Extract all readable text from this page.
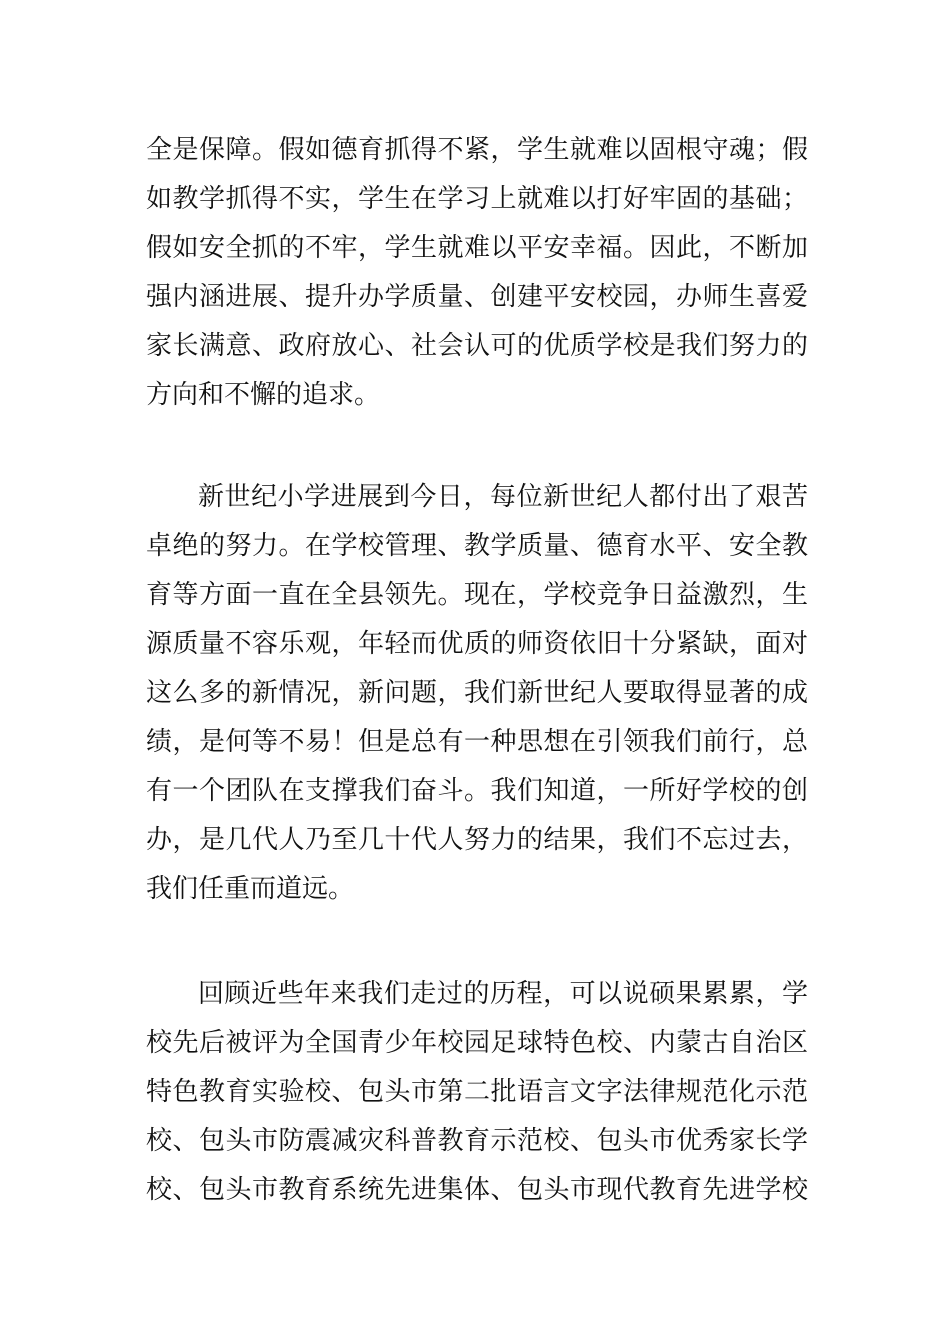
全是保障。假如德育抓得不紧，学生就难以固根守魂；假
如教学抓得不实，学生在学习上就难以打好牢固的基础；
假如安全抓的不牢，学生就难以平安幸福。因此，不断加
强内涵进展、提升办学质量、创建平安校园，办师生喜爱
家长满意、政府放心、社会认可的优质学校是我们努力的
方向和不懈的追求。

新世纪小学进展到今日，每位新世纪人都付出了艰苦
卓绝的努力。在学校管理、教学质量、德育水平、安全教
育等方面一直在全县领先。现在，学校竞争日益激烈，生
源质量不容乐观，年轻而优质的师资依旧十分紧缺，面对
这么多的新情况，新问题，我们新世纪人要取得显著的成
绩，是何等不易！但是总有一种思想在引领我们前行，总
有一个团队在支撑我们奋斗。我们知道，一所好学校的创
办，是几代人乃至几十代人努力的结果，我们不忘过去，
我们任重而道远。

回顾近些年来我们走过的历程，可以说硕果累累，学
校先后被评为全国青少年校园足球特色校、内蒙古自治区
特色教育实验校、包头市第二批语言文字法律规范化示范
校、包头市防震减灾科普教育示范校、包头市优秀家长学
校、包头市教育系统先进集体、包头市现代教育先进学校
